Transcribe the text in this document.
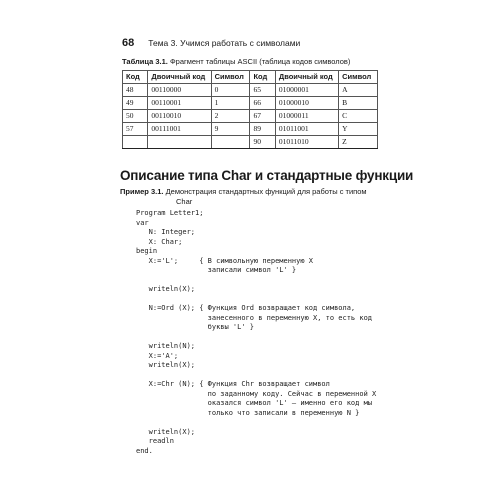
68 Тема 3. Учимся работать с символами
Таблица 3.1. Фрагмент таблицы ASCII (таблица кодов символов)
Код	Двоичный код	Символ	Код	Двоичный код	Символ
48	00110000	0	65	01000001	A
49	00110001	1	66	01000010	B
50	00110010	2	67	01000011	C
57	00111001	9	89	01011001	Y
			90	01011010	Z
Описание типа Char и стандартные функции
Пример 3.1. Демонстрация стандартных функций для работы с типом
Char
Program Letter1;
var
N: Integer;
X: Char;
begin
X:='L';     { В символьную переменную X
записали символ 'L' }

writeln(X);

N:=Ord (X); { Функция Ord возвращает код символа,
занесенного в переменную X, то есть код
буквы 'L' }

writeln(N);
X:='A';
writeln(X);

X:=Chr (N); { Функция Chr возвращает символ
по заданному коду. Сейчас в переменной X
оказался символ 'L' — именно его код мы
только что записали в переменную N }

writeln(X);
readln
end.
